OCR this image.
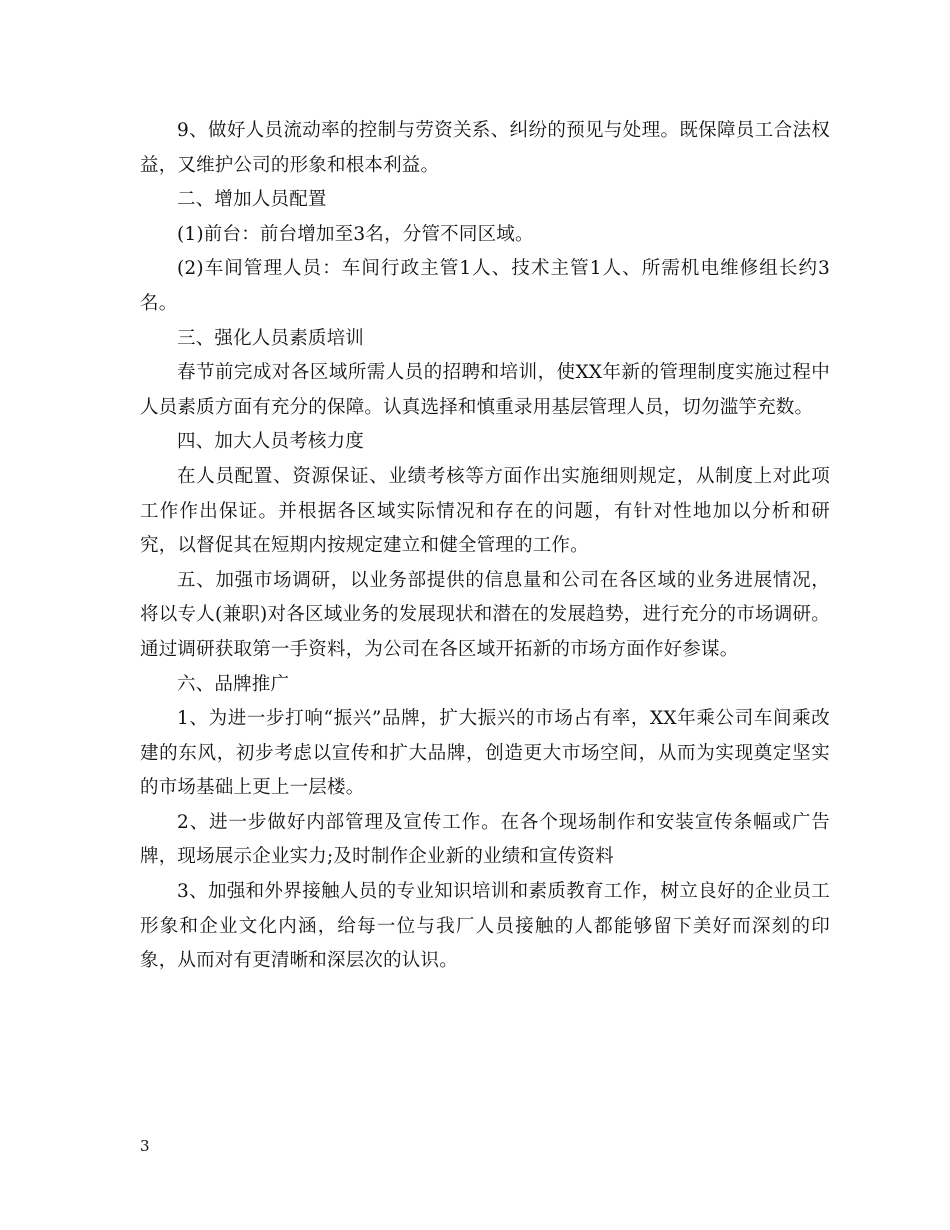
9、做好人员流动率的控制与劳资关系、纠纷的预见与处理。既保障员工合法权益，又维护公司的形象和根本利益。

二、增加人员配置

(1)前台：前台增加至3名，分管不同区域。

(2)车间管理人员：车间行政主管1人、技术主管1人、所需机电维修组长约3名。

三、强化人员素质培训

春节前完成对各区域所需人员的招聘和培训，使XX年新的管理制度实施过程中人员素质方面有充分的保障。认真选择和慎重录用基层管理人员，切勿滥竽充数。

四、加大人员考核力度

在人员配置、资源保证、业绩考核等方面作出实施细则规定，从制度上对此项工作作出保证。并根据各区域实际情况和存在的问题，有针对性地加以分析和研究，以督促其在短期内按规定建立和健全管理的工作。

五、加强市场调研，以业务部提供的信息量和公司在各区域的业务进展情况，将以专人(兼职)对各区域业务的发展现状和潜在的发展趋势，进行充分的市场调研。通过调研获取第一手资料，为公司在各区域开拓新的市场方面作好参谋。

六、品牌推广

1、为进一步打响“振兴”品牌，扩大振兴的市场占有率，XX年乘公司车间乘改建的东风，初步考虑以宣传和扩大品牌，创造更大市场空间，从而为实现奠定坚实的市场基础上更上一层楼。

2、进一步做好内部管理及宣传工作。在各个现场制作和安装宣传条幅或广告牌，现场展示企业实力;及时制作企业新的业绩和宣传资料

3、加强和外界接触人员的专业知识培训和素质教育工作，树立良好的企业员工形象和企业文化内涵，给每一位与我厂人员接触的人都能够留下美好而深刻的印象，从而对有更清晰和深层次的认识。

3
